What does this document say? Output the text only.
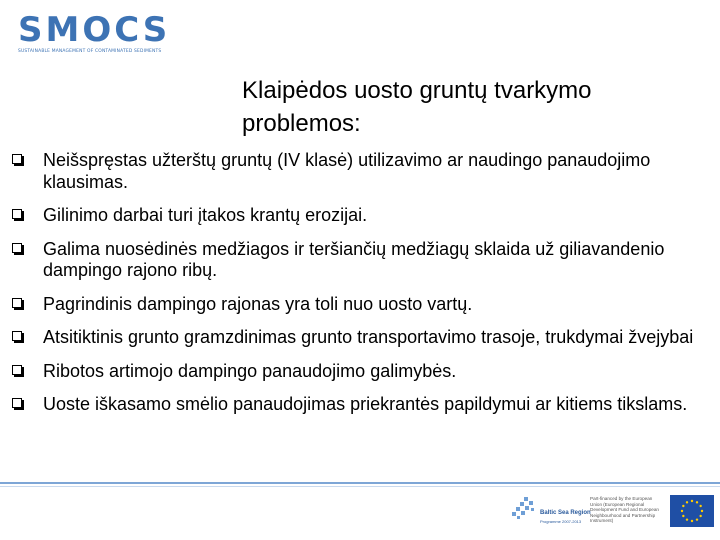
SMOCS
SUSTAINABLE MANAGEMENT OF CONTAMINATED SEDIMENTS
Klaipėdos uosto gruntų tvarkymo
problemos:
Neišspręstas užterštų gruntų (IV klasė) utilizavimo ar naudingo panaudojimo klausimas.
Gilinimo darbai turi įtakos krantų erozijai.
Galima nuosėdinės medžiagos ir teršiančių medžiagų sklaida už giliavandenio dampingo rajono ribų.
Pagrindinis dampingo rajonas yra toli nuo uosto vartų.
Atsitiktinis grunto gramzdinimas grunto transportavimo trasoje, trukdymai žvejybai
Ribotos artimojo dampingo panaudojimo galimybės.
Uoste iškasamo smėlio panaudojimas priekrantės papildymui ar kitiems tikslams.
Baltic Sea Region
Programme 2007-2013
Part-financed by the European Union (European Regional Development Fund and European Neighbourhood and Partnership Instrument)
